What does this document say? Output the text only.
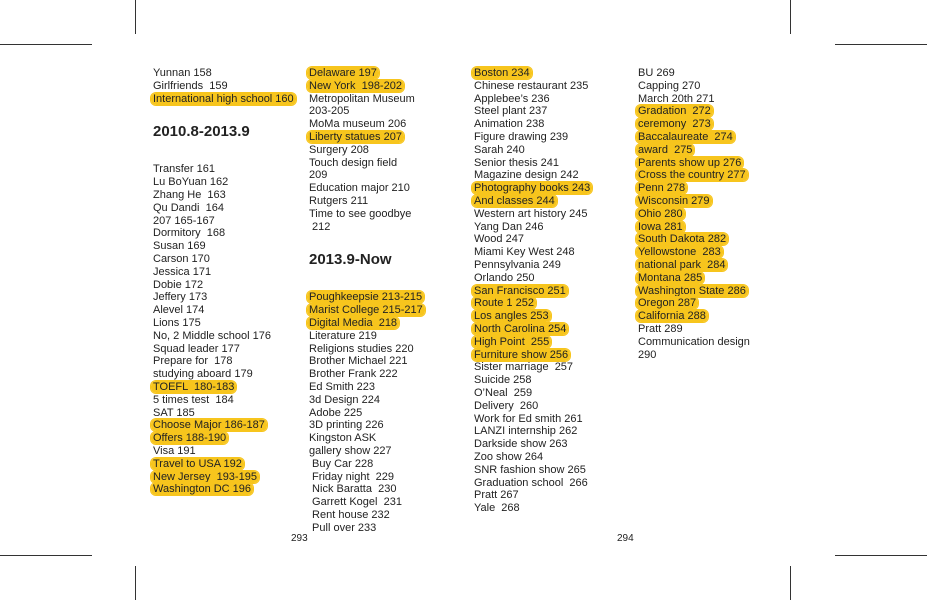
Yunnan 158
Girlfriends  159
International high school 160
2010.8-2013.9
Transfer 161
Lu BoYuan 162
Zhang He  163
Qu Dandi  164
207 165-167
Dormitory  168
Susan 169
Carson 170
Jessica 171
Dobie 172
Jeffery 173
Alevel 174
Lions 175
No, 2 Middle school 176
Squad leader 177
Prepare for  178
studying aboard 179
TOEFL  180-183
5 times test  184
SAT 185
Choose Major 186-187
Offers 188-190
Visa 191
Travel to USA 192
New Jersey  193-195
Washington DC 196
Delaware 197
New York  198-202
Metropolitan Museum
203-205
MoMa museum 206
Liberty statues 207
Surgery 208
Touch design field
209
Education major 210
Rutgers 211
Time to see goodbye
212
2013.9-Now
Poughkeepsie 213-215
Marist College 215-217
Digital Media  218
Literature 219
Religions studies 220
Brother Michael 221
Brother Frank 222
Ed Smith 223
3d Design 224
Adobe 225
3D printing 226
Kingston ASK
gallery show 227
Buy Car 228
Friday night  229
Nick Baratta  230
Garrett Kogel  231
Rent house 232
Pull over 233
Boston 234
Chinese restaurant 235
Applebee’s 236
Steel plant 237
Animation 238
Figure drawing 239
Sarah 240
Senior thesis 241
Magazine design 242
Photography books 243
And classes 244
Western art history 245
Yang Dan 246
Wood 247
Miami Key West 248
Pennsylvania 249
Orlando 250
San Francisco 251
Route 1 252
Los angles 253
North Carolina 254
High Point  255
Furniture show 256
Sister marriage  257
Suicide 258
O’Neal  259
Delivery  260
Work for Ed smith 261
LANZI internship 262
Darkside show 263
Zoo show 264
SNR fashion show 265
Graduation school  266
Pratt 267
Yale  268
BU 269
Capping 270
March 20th 271
Gradation  272
ceremony  273
Baccalaureate  274
award  275
Parents show up 276
Cross the country 277
Penn 278
Wisconsin 279
Ohio 280
Iowa 281
South Dakota 282
Yellowstone  283
national park  284
Montana 285
Washington State 286
Oregon 287
California 288
Pratt 289
Communication design
290
293	294
